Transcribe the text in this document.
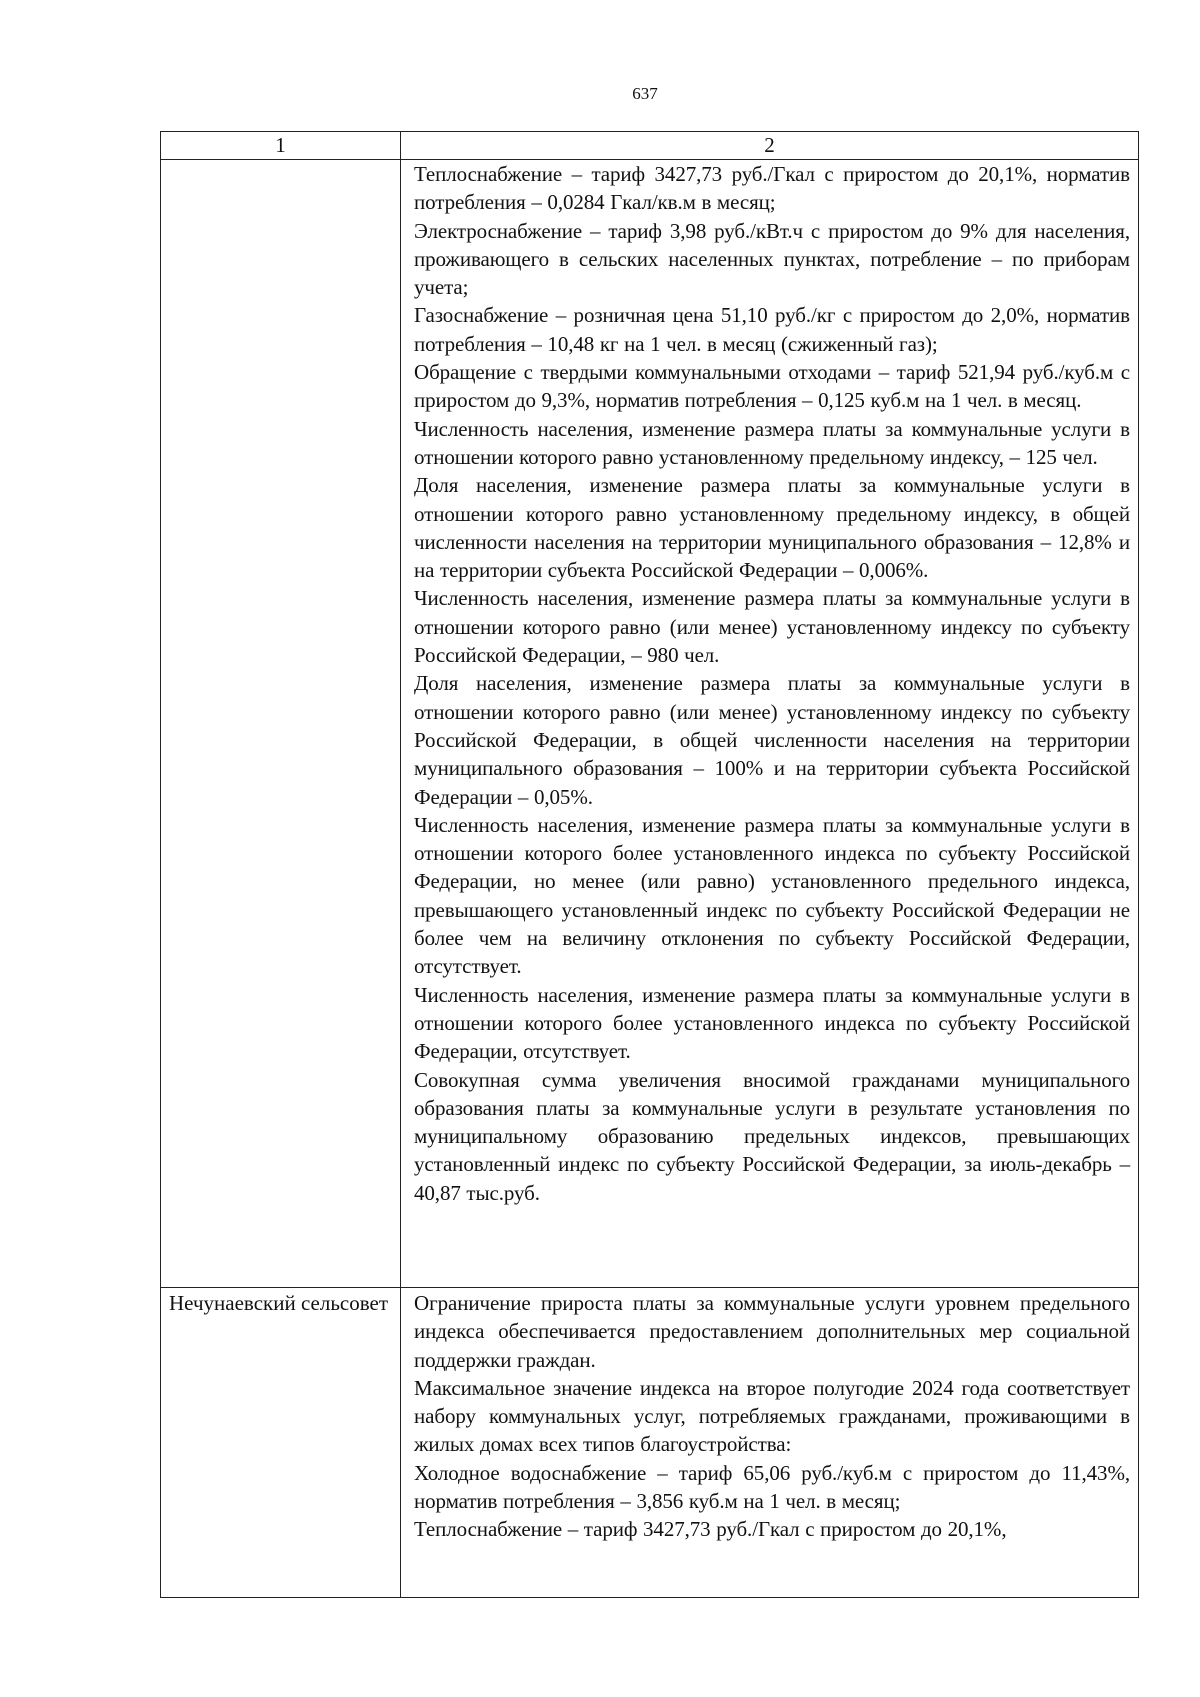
637
1	2

Теплоснабжение – тариф 3427,73 руб./Гкал с приростом до 20,1%, норматив потребления – 0,0284 Гкал/кв.м в месяц;

Электроснабжение – тариф 3,98 руб./кВт.ч с приростом до 9% для населения, проживающего в сельских населенных пунктах, потребление – по приборам учета;

Газоснабжение – розничная цена 51,10 руб./кг с приростом до 2,0%, норматив потребления – 10,48 кг на 1 чел. в месяц (сжиженный газ);

Обращение с твердыми коммунальными отходами – тариф 521,94 руб./куб.м с приростом до 9,3%, норматив потребления – 0,125 куб.м на 1 чел. в месяц.

Численность населения, изменение размера платы за коммунальные услуги в отношении которого равно установленному предельному индексу, – 125 чел.

Доля населения, изменение размера платы за коммунальные услуги в отношении которого равно установленному предельному индексу, в общей численности населения на территории муниципального образования – 12,8% и на территории субъекта Российской Федерации – 0,006%.

Численность населения, изменение размера платы за коммунальные услуги в отношении которого равно (или менее) установленному индексу по субъекту Российской Федерации, – 980 чел.

Доля населения, изменение размера платы за коммунальные услуги в отношении которого равно (или менее) установленному индексу по субъекту Российской Федерации, в общей численности населения на территории муниципального образования – 100% и на территории субъекта Российской Федерации – 0,05%.

Численность населения, изменение размера платы за коммунальные услуги в отношении которого более установленного индекса по субъекту Российской Федерации, но менее (или равно) установленного предельного индекса, превышающего установленный индекс по субъекту Российской Федерации не более чем на величину отклонения по субъекту Российской Федерации, отсутствует.

Численность населения, изменение размера платы за коммунальные услуги в отношении которого более установленного индекса по субъекту Российской Федерации, отсутствует.

Совокупная сумма увеличения вносимой гражданами муниципального образования платы за коммунальные услуги в результате установления по муниципальному образованию предельных индексов, превышающих установленный индекс по субъекту Российской Федерации, за июль-декабрь – 40,87 тыс.руб.

Нечунаевский сельсовет Ограничение прироста платы за коммунальные услуги уровнем предельного индекса обеспечивается предоставлением дополнительных мер социальной поддержки граждан.

Максимальное значение индекса на второе полугодие 2024 года соответствует набору коммунальных услуг, потребляемых гражданами, проживающими в жилых домах всех типов благоустройства:

Холодное водоснабжение – тариф 65,06 руб./куб.м с приростом до 11,43%, норматив потребления – 3,856 куб.м на 1 чел. в месяц;

Теплоснабжение – тариф 3427,73 руб./Гкал с приростом до 20,1%,
